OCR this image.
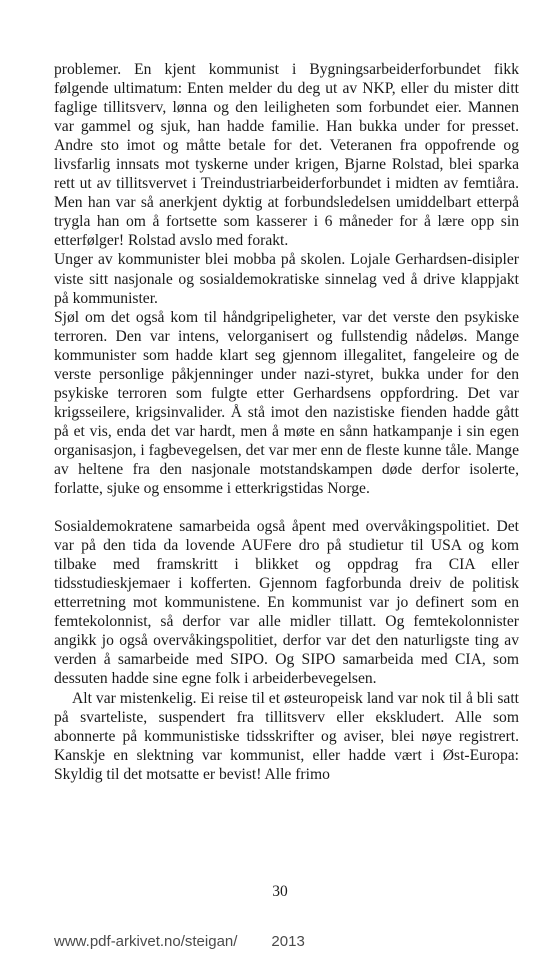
problemer. En kjent kommunist i Bygningsarbeiderforbundet fikk følgende ultimatum: Enten melder du deg ut av NKP, eller du mister ditt faglige tillitsverv, lønna og den leiligheten som forbundet eier. Mannen var gammel og sjuk, han hadde familie. Han bukka under for presset. Andre sto imot og måtte betale for det. Veteranen fra oppofrende og livsfarlig innsats mot tyskerne under krigen, Bjarne Rolstad, blei sparka rett ut av tillitsvervet i Treindustriarbeiderforbundet i midten av femtiåra. Men han var så anerkjent dyktig at forbundsledelsen umiddelbart etterpå trygla han om å fortsette som kasserer i 6 måneder for å lære opp sin etterfølger! Rolstad avslo med forakt.

Unger av kommunister blei mobba på skolen. Lojale Gerhardsen-disipler viste sitt nasjonale og sosialdemokratiske sinnelag ved å drive klappjakt på kommunister.

Sjøl om det også kom til håndgripeligheter, var det verste den psykiske terroren. Den var intens, velorganisert og fullstendig nådeløs. Mange kommunister som hadde klart seg gjennom illegalitet, fangeleire og de verste personlige påkjenninger under nazi-styret, bukka under for den psykiske terroren som fulgte etter Gerhardsens oppfordring. Det var krigsseilere, krigsinvalider. Å stå imot den nazistiske fienden hadde gått på et vis, enda det var hardt, men å møte en sånn hatkampanje i sin egen organisasjon, i fagbevegelsen, det var mer enn de fleste kunne tåle. Mange av heltene fra den nasjonale motstandskampen døde derfor isolerte, forlatte, sjuke og ensomme i etterkrigstidas Norge.

Sosialdemokratene samarbeida også åpent med overvåkingspolitiet. Det var på den tida da lovende AUFere dro på studietur til USA og kom tilbake med framskritt i blikket og oppdrag fra CIA eller tidsstudieskjemaer i kofferten. Gjennom fagforbunda dreiv de politisk etterretning mot kommunistene. En kommunist var jo definert som en femtekolonnist, så derfor var alle midler tillatt. Og femtekolonnister angikk jo også overvåkingspolitiet, derfor var det den naturligste ting av verden å samarbeide med SIPO. Og SIPO samarbeida med CIA, som dessuten hadde sine egne folk i arbeiderbevegelsen.

Alt var mistenkelig. Ei reise til et østeuropeisk land var nok til å bli satt på svarteliste, suspendert fra tillitsverv eller ekskludert. Alle som abonnerte på kommunistiske tidsskrifter og aviser, blei nøye registrert. Kanskje en slektning var kommunist, eller hadde vært i Øst-Europa: Skyldig til det motsatte er bevist! Alle frimo

30
www.pdf-arkivet.no/steigan/ 2013
